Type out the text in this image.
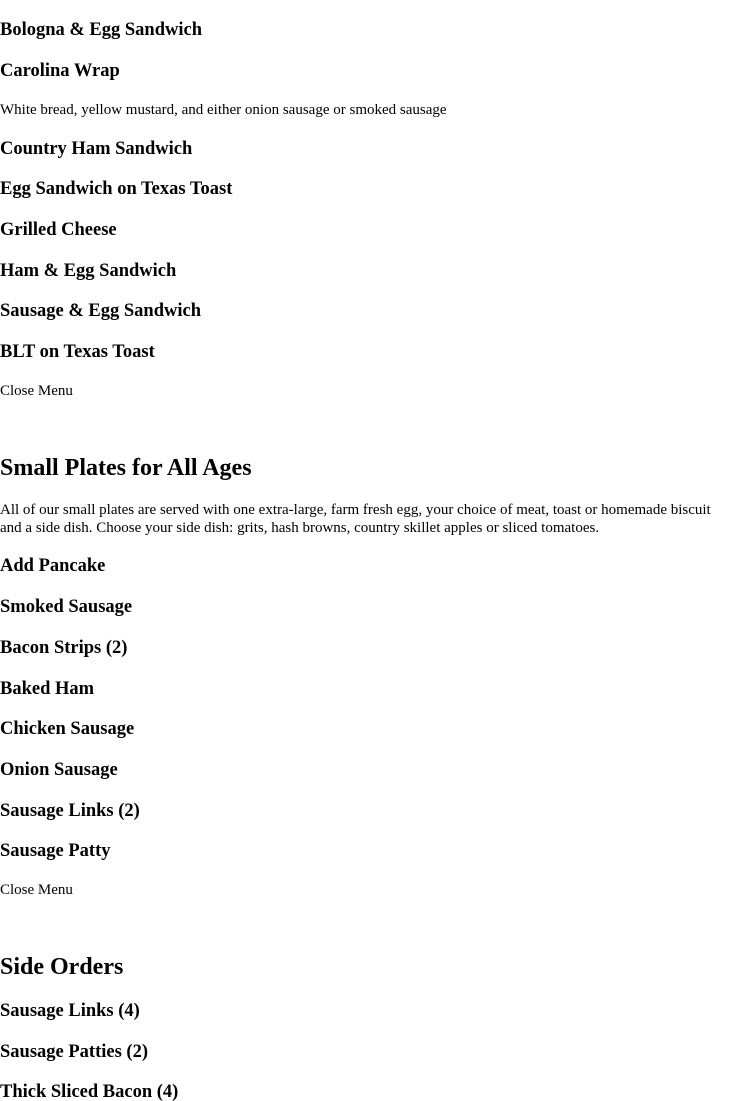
Bologna & Egg Sandwich
Carolina Wrap

White bread, yellow mustard, and either onion sausage or smoked sausage

Country Ham Sandwich
Egg Sandwich on Texas Toast
Grilled Cheese
Ham & Egg Sandwich
Sausage & Egg Sandwich
BLT on Texas Toast
Close Menu
Small Plates for All Ages

All of our small plates are served with one extra-large, farm fresh egg, your choice of meat, toast or homemade biscuit and a side dish. Choose your side dish: grits, hash browns, country skillet apples or sliced tomatoes.

Add Pancake
Smoked Sausage
Bacon Strips (2)
Baked Ham
Chicken Sausage
Onion Sausage
Sausage Links (2)
Sausage Patty
Close Menu
Side Orders
Sausage Links (4)
Sausage Patties (2)
Thick Sliced Bacon (4)
